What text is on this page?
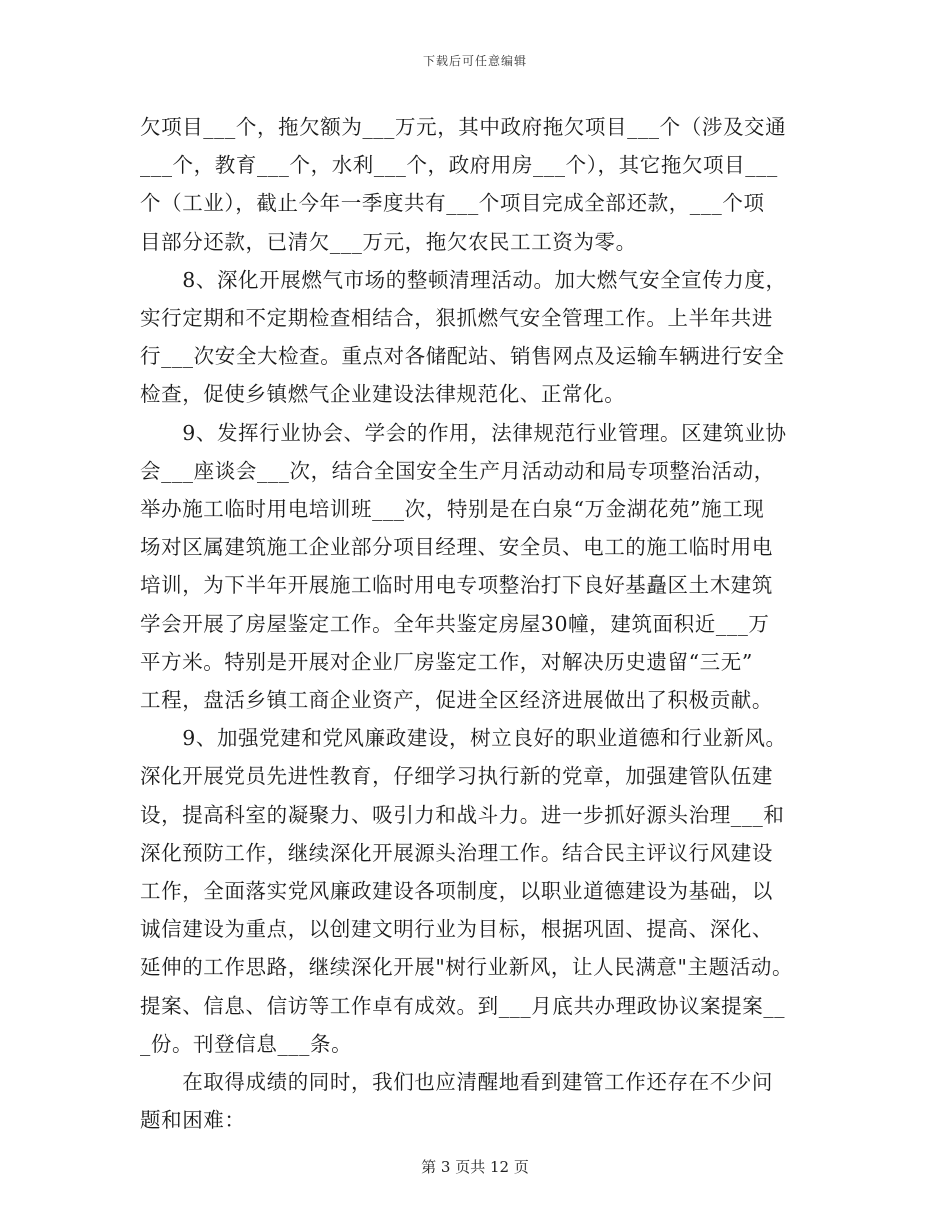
下载后可任意编辑

欠项目___个，拖欠额为___万元，其中政府拖欠项目___个（涉及交通

___个，教育___个，水利___个，政府用房___个），其它拖欠项目___

个（工业），截止今年一季度共有___个项目完成全部还款，___个项

目部分还款，已清欠___万元，拖欠农民工工资为零。

　　8、深化开展燃气市场的整顿清理活动。加大燃气安全宣传力度，

实行定期和不定期检查相结合，狠抓燃气安全管理工作。上半年共进

行___次安全大检查。重点对各储配站、销售网点及运输车辆进行安全

检查，促使乡镇燃气企业建设法律规范化、正常化。

　　9、发挥行业协会、学会的作用，法律规范行业管理。区建筑业协

会___座谈会___次，结合全国安全生产月活动动和局专项整治活动，

举办施工临时用电培训班___次，特别是在白泉“万金湖花苑”施工现

场对区属建筑施工企业部分项目经理、安全员、电工的施工临时用电

培训，为下半年开展施工临时用电专项整治打下良好基矗区土木建筑

学会开展了房屋鉴定工作。全年共鉴定房屋30幢，建筑面积近___万

平方米。特别是开展对企业厂房鉴定工作，对解决历史遗留“三无”

工程，盘活乡镇工商企业资产，促进全区经济进展做出了积极贡献。

　　9、加强党建和党风廉政建设，树立良好的职业道德和行业新风。

深化开展党员先进性教育，仔细学习执行新的党章，加强建管队伍建

设，提高科室的凝聚力、吸引力和战斗力。进一步抓好源头治理___和

深化预防工作，继续深化开展源头治理工作。结合民主评议行风建设

工作，全面落实党风廉政建设各项制度，以职业道德建设为基础，以

诚信建设为重点，以创建文明行业为目标，根据巩固、提高、深化、

延伸的工作思路，继续深化开展"树行业新风，让人民满意"主题活动。

提案、信息、信访等工作卓有成效。到___月底共办理政协议案提案__

_份。刊登信息___条。

　　在取得成绩的同时，我们也应清醒地看到建管工作还存在不少问

题和困难：

第 3 页共 12 页
